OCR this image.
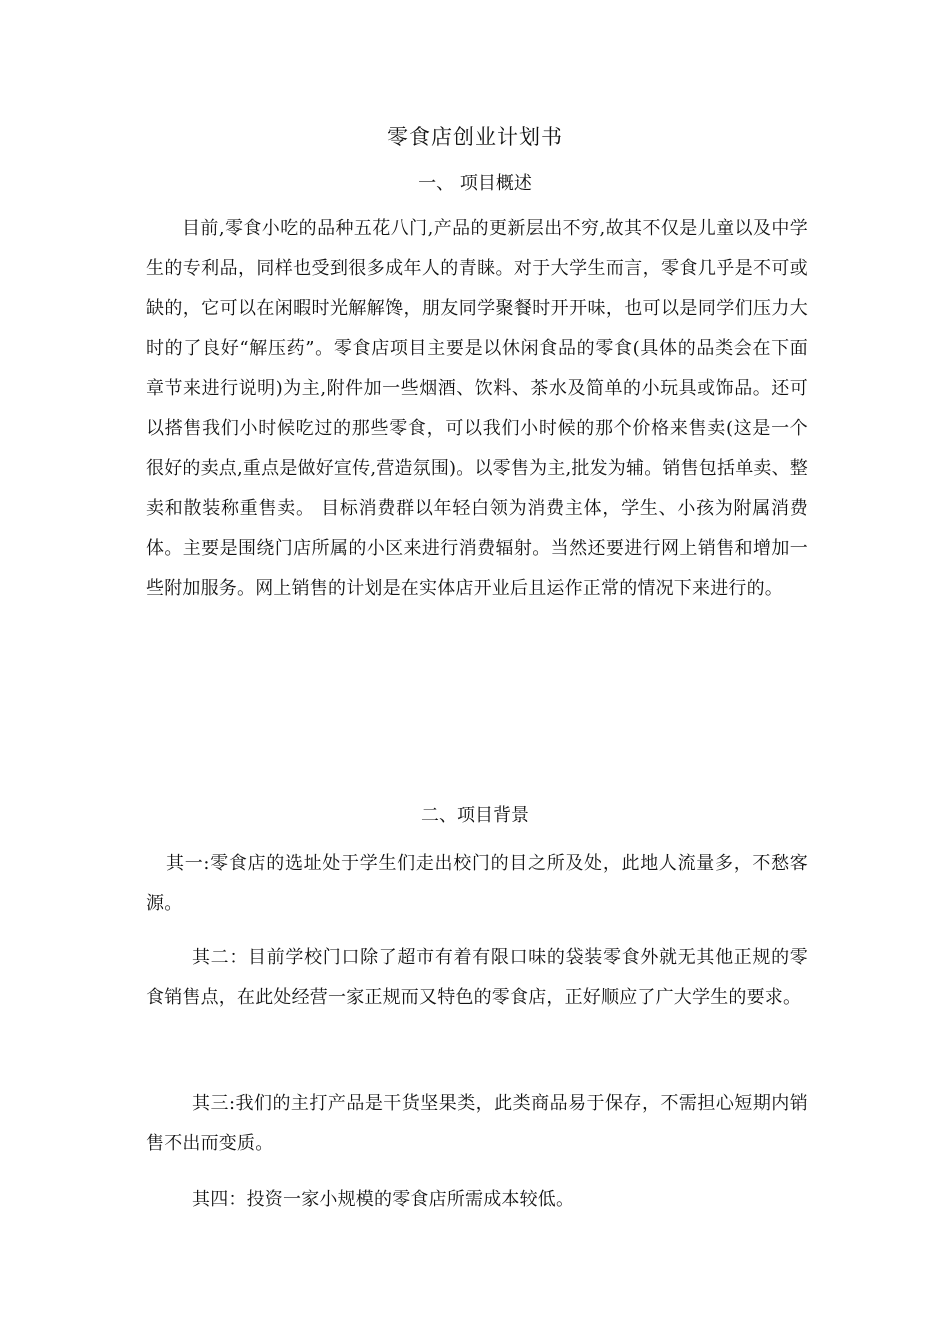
零食店创业计划书
一、 项目概述

目前,零食小吃的品种五花八门,产品的更新层出不穷,故其不仅是儿童以及中学生的专利品，同样也受到很多成年人的青睐。对于大学生而言，零食几乎是不可或缺的，它可以在闲暇时光解解馋，朋友同学聚餐时开开味，也可以是同学们压力大时的了良好“解压药”。零食店项目主要是以休闲食品的零食(具体的品类会在下面章节来进行说明)为主,附件加一些烟酒、饮料、茶水及简单的小玩具或饰品。还可以搭售我们小时候吃过的那些零食，可以我们小时候的那个价格来售卖(这是一个很好的卖点,重点是做好宣传,营造氛围)。以零售为主,批发为辅。销售包括单卖、整卖和散装称重售卖。 目标消费群以年轻白领为消费主体，学生、小孩为附属消费体。主要是围绕门店所属的小区来进行消费辐射。当然还要进行网上销售和增加一些附加服务。网上销售的计划是在实体店开业后且运作正常的情况下来进行的。

二、项目背景

其一:零食店的选址处于学生们走出校门的目之所及处，此地人流量多，不愁客源。

其二：目前学校门口除了超市有着有限口味的袋装零食外就无其他正规的零食销售点，在此处经营一家正规而又特色的零食店，正好顺应了广大学生的要求。

其三:我们的主打产品是干货坚果类，此类商品易于保存，不需担心短期内销售不出而变质。

其四：投资一家小规模的零食店所需成本较低。
